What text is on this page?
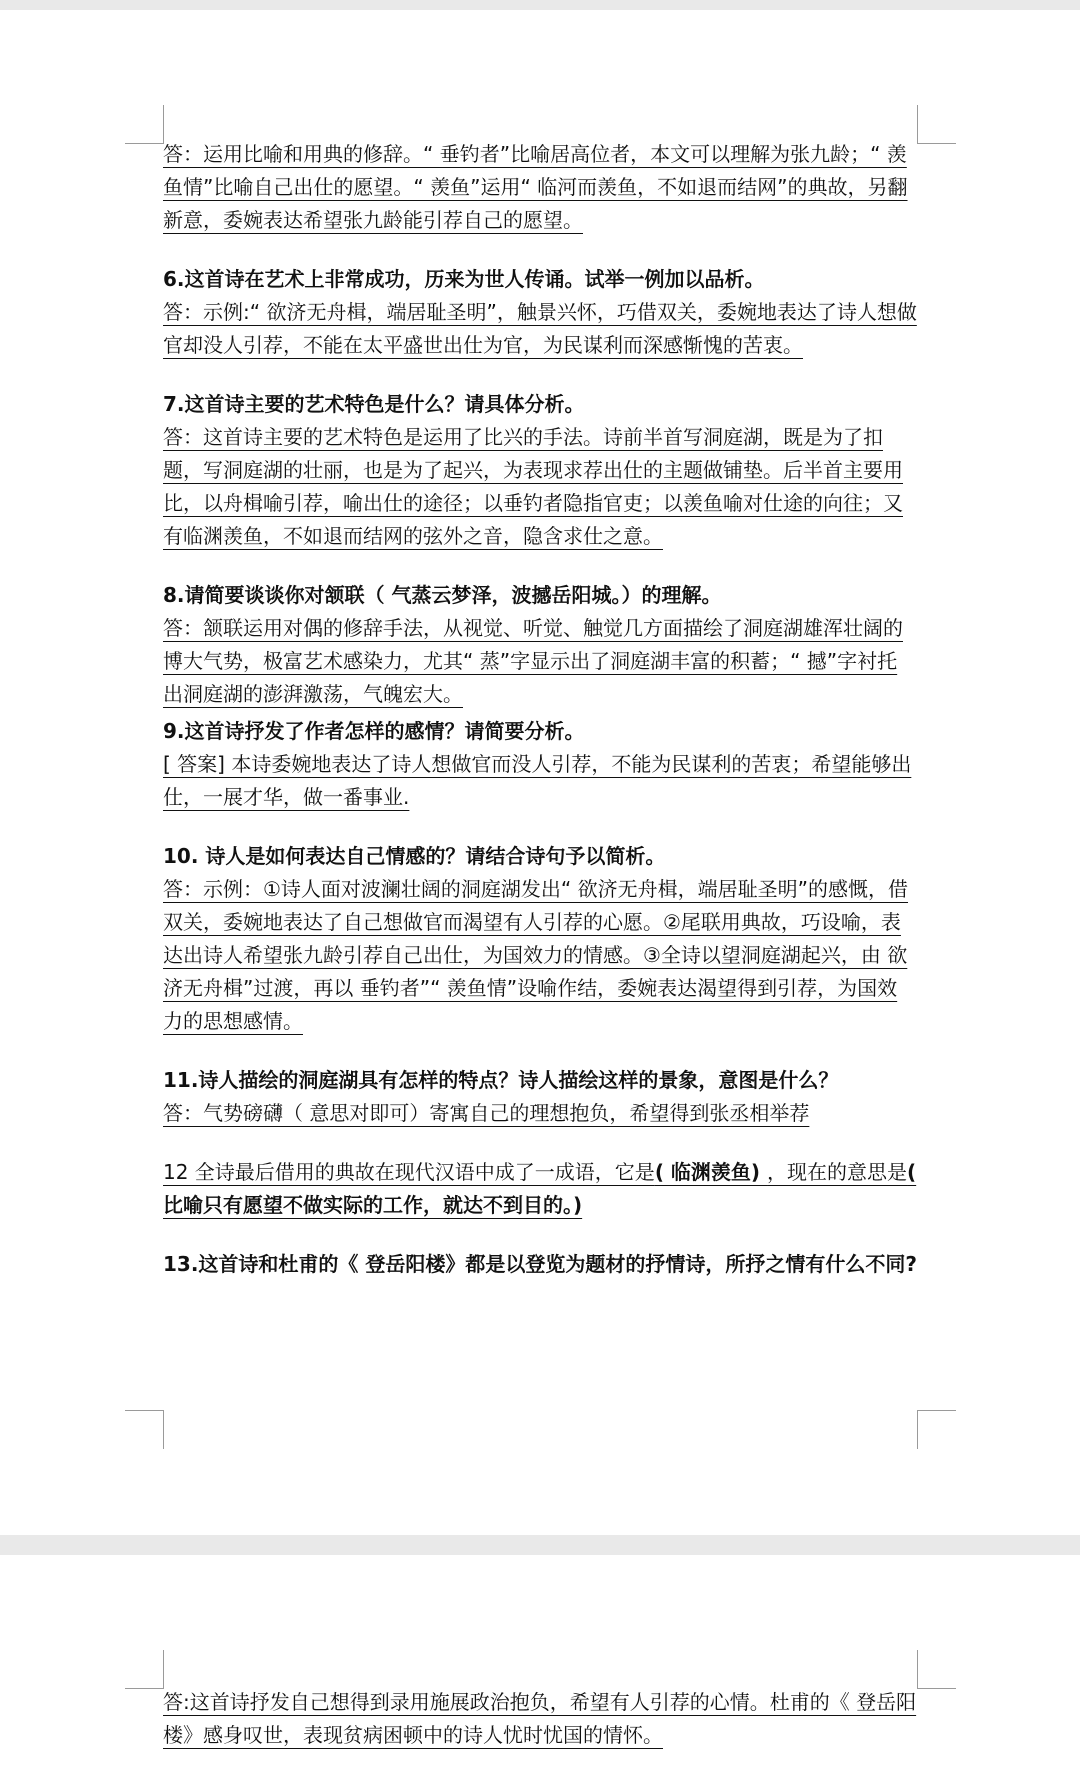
答：运用比喻和用典的修辞。“ 垂钓者”比喻居高位者，本文可以理解为张九龄；“ 羡鱼情”比喻自己出仕的愿望。“ 羡鱼”运用“ 临河而羡鱼，不如退而结网”的典故，另翻新意，委婉表达希望张九龄能引荐自己的愿望。

6.这首诗在艺术上非常成功，历来为世人传诵。试举一例加以品析。

答：示例:“ 欲济无舟楫，端居耻圣明”，触景兴怀，巧借双关，委婉地表达了诗人想做官却没人引荐，不能在太平盛世出仕为官，为民谋利而深感惭愧的苦衷。

7.这首诗主要的艺术特色是什么？请具体分析。

答：这首诗主要的艺术特色是运用了比兴的手法。诗前半首写洞庭湖，既是为了扣题，写洞庭湖的壮丽，也是为了起兴，为表现求荐出仕的主题做铺垫。后半首主要用比，以舟楫喻引荐，喻出仕的途径；以垂钓者隐指官吏；以羡鱼喻对仕途的向往；又有临渊羡鱼，不如退而结网的弦外之音，隐含求仕之意。

8.请简要谈谈你对颔联（ 气蒸云梦泽，波撼岳阳城。）的理解。

答：颔联运用对偶的修辞手法，从视觉、听觉、触觉几方面描绘了洞庭湖雄浑壮阔的博大气势，极富艺术感染力，尤其“ 蒸”字显示出了洞庭湖丰富的积蓄；“ 撼”字衬托出洞庭湖的澎湃激荡，气魄宏大。

9.这首诗抒发了作者怎样的感情？请简要分析。

[ 答案] 本诗委婉地表达了诗人想做官而没人引荐，不能为民谋利的苦衷；希望能够出仕，一展才华，做一番事业.

10. 诗人是如何表达自己情感的？请结合诗句予以简析。

答：示例：①诗人面对波澜壮阔的洞庭湖发出“ 欲济无舟楫，端居耻圣明”的感慨，借双关，委婉地表达了自己想做官而渴望有人引荐的心愿。②尾联用典故，巧设喻，表达出诗人希望张九龄引荐自己出仕，为国效力的情感。③全诗以望洞庭湖起兴，由 欲济无舟楫”过渡，再以 垂钓者”“ 羡鱼情”设喻作结，委婉表达渴望得到引荐，为国效力的思想感情。

11.诗人描绘的洞庭湖具有怎样的特点？诗人描绘这样的景象，意图是什么？

答：气势磅礴（ 意思对即可）寄寓自己的理想抱负，希望得到张丞相举荐

12 全诗最后借用的典故在现代汉语中成了一成语，它是( 临渊羡鱼) ，现在的意思是( 比喻只有愿望不做实际的工作，就达不到目的。)

13.这首诗和杜甫的《 登岳阳楼》都是以登览为题材的抒情诗，所抒之情有什么不同?

答:这首诗抒发自己想得到录用施展政治抱负，希望有人引荐的心情。杜甫的《 登岳阳楼》感身叹世，表现贫病困顿中的诗人忧时忧国的情怀。
